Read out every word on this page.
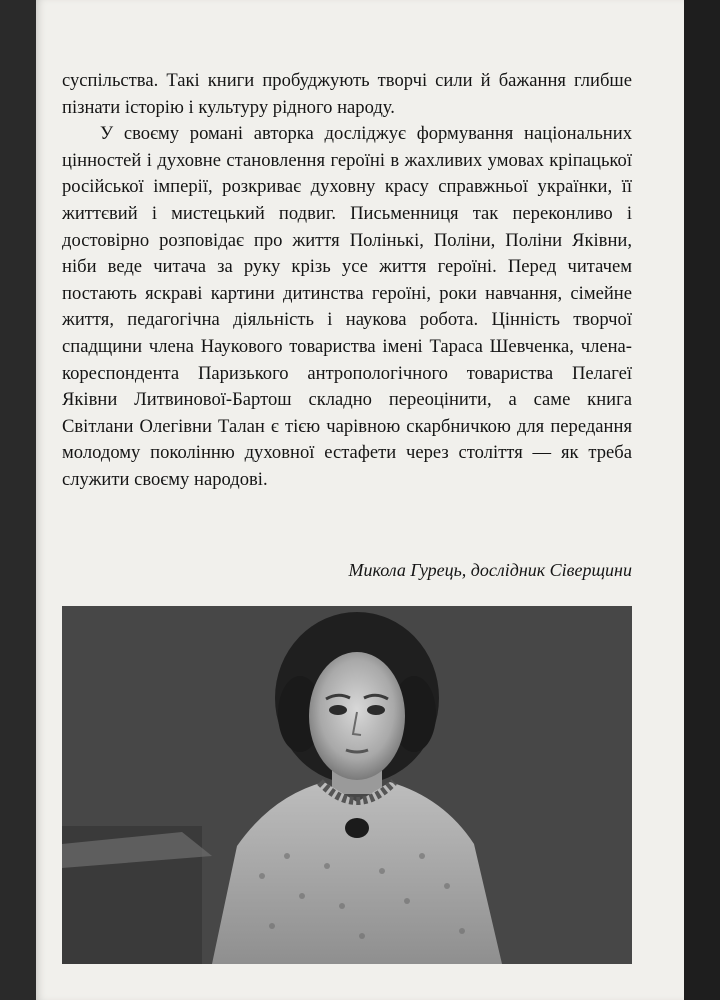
суспільства. Такі книги пробуджують творчі сили й бажання глибше пізнати історію і культуру рідного народу.

У своєму романі авторка досліджує формування національних цінностей і духовне становлення героїні в жахливих умовах кріпацької російської імперії, розкриває духовну красу справжньої українки, її життєвий і мистецький подвиг. Письменниця так переконливо і достовірно розповідає про життя Полінькі, Поліни, Поліни Яківни, ніби веде читача за руку крізь усе життя героїні. Перед читачем постають яскраві картини дитинства героїні, роки навчання, сімейне життя, педагогічна діяльність і наукова робота. Цінність творчої спадщини члена Наукового товариства імені Тараса Шевченка, члена-кореспондента Паризького антропологічного товариства Пелагеї Яківни Литвинової-Бартош складно переоцінити, а саме книга Світлани Олегівни Талан є тією чарівною скарбничкою для передання молодому поколінню духовної естафети через століття — як треба служити своєму народові.

Микола Гурець, дослідник Сіверщини
